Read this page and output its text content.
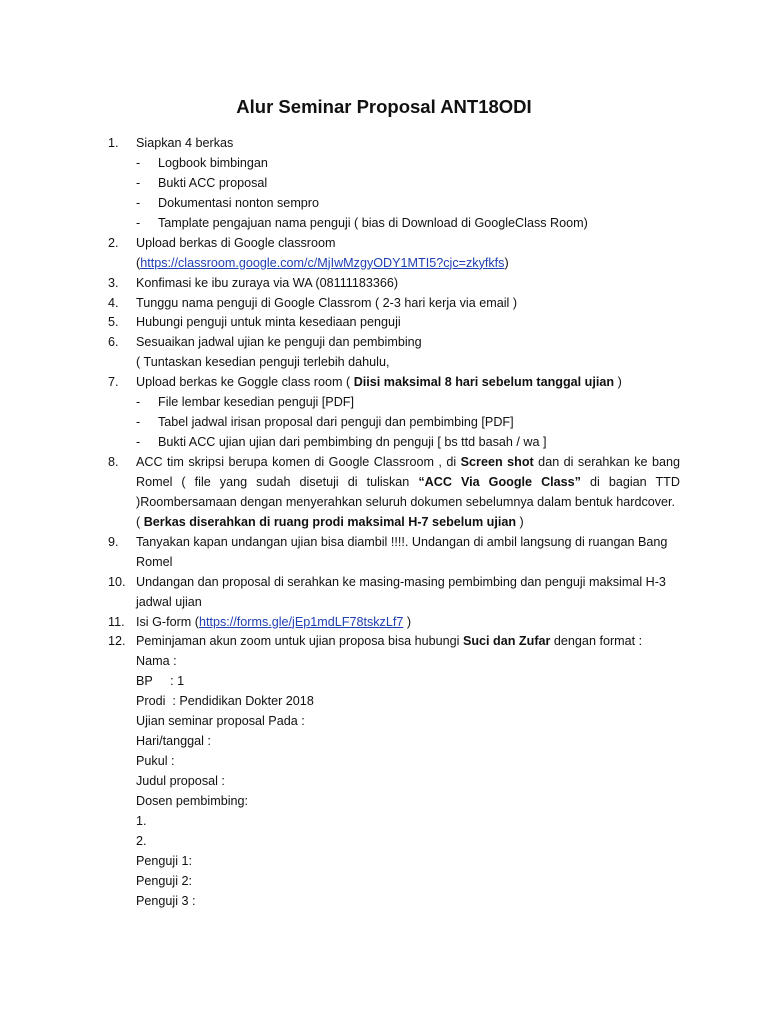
Alur Seminar Proposal ANT18ODI
1. Siapkan 4 berkas
- Logbook bimbingan
- Bukti ACC proposal
- Dokumentasi nonton sempro
- Tamplate pengajuan nama penguji ( bias di Download di GoogleClass Room)
2. Upload berkas di Google classroom
(https://classroom.google.com/c/MjIwMzgyODY1MTI5?cjc=zkyfkfs)
3. Konfimasi ke ibu zuraya via WA (08111183366)
4. Tunggu nama penguji di Google Classrom ( 2-3 hari kerja via email )
5. Hubungi penguji untuk minta kesediaan penguji
6. Sesuaikan jadwal ujian ke penguji dan pembimbing
( Tuntaskan kesedian penguji terlebih dahulu,
7. Upload berkas ke Goggle class room ( Diisi maksimal 8 hari sebelum tanggal ujian )
- File lembar kesedian penguji [PDF]
- Tabel jadwal irisan proposal dari penguji dan pembimbing [PDF]
- Bukti ACC ujian ujian dari pembimbing dn penguji [ bs ttd basah / wa ]
8. ACC tim skripsi berupa komen di Google Classroom , di Screen shot dan di serahkan ke bang
Romel ( file yang sudah disetuji di tuliskan “ACC Via Google Class” di bagian TTD
)Roombersamaan dengan menyerahkan seluruh dokumen sebelumnya dalam bentuk hardcover.
( Berkas diserahkan di ruang prodi maksimal H-7 sebelum ujian )
9. Tanyakan kapan undangan ujian bisa diambil !!!!. Undangan di ambil langsung di ruangan Bang
Romel
10. Undangan dan proposal di serahkan ke masing-masing pembimbing dan penguji maksimal H-3
jadwal ujian
11. Isi G-form (https://forms.gle/jEp1mdLF78tskzLf7 )
12. Peminjaman akun zoom untuk ujian proposa bisa hubungi Suci dan Zufar dengan format :
Nama :
BP     : 1
Prodi  : Pendidikan Dokter 2018
Ujian seminar proposal Pada :
Hari/tanggal :
Pukul :
Judul proposal :
Dosen pembimbing:
1.
2.
Penguji 1:
Penguji 2:
Penguji 3 :
